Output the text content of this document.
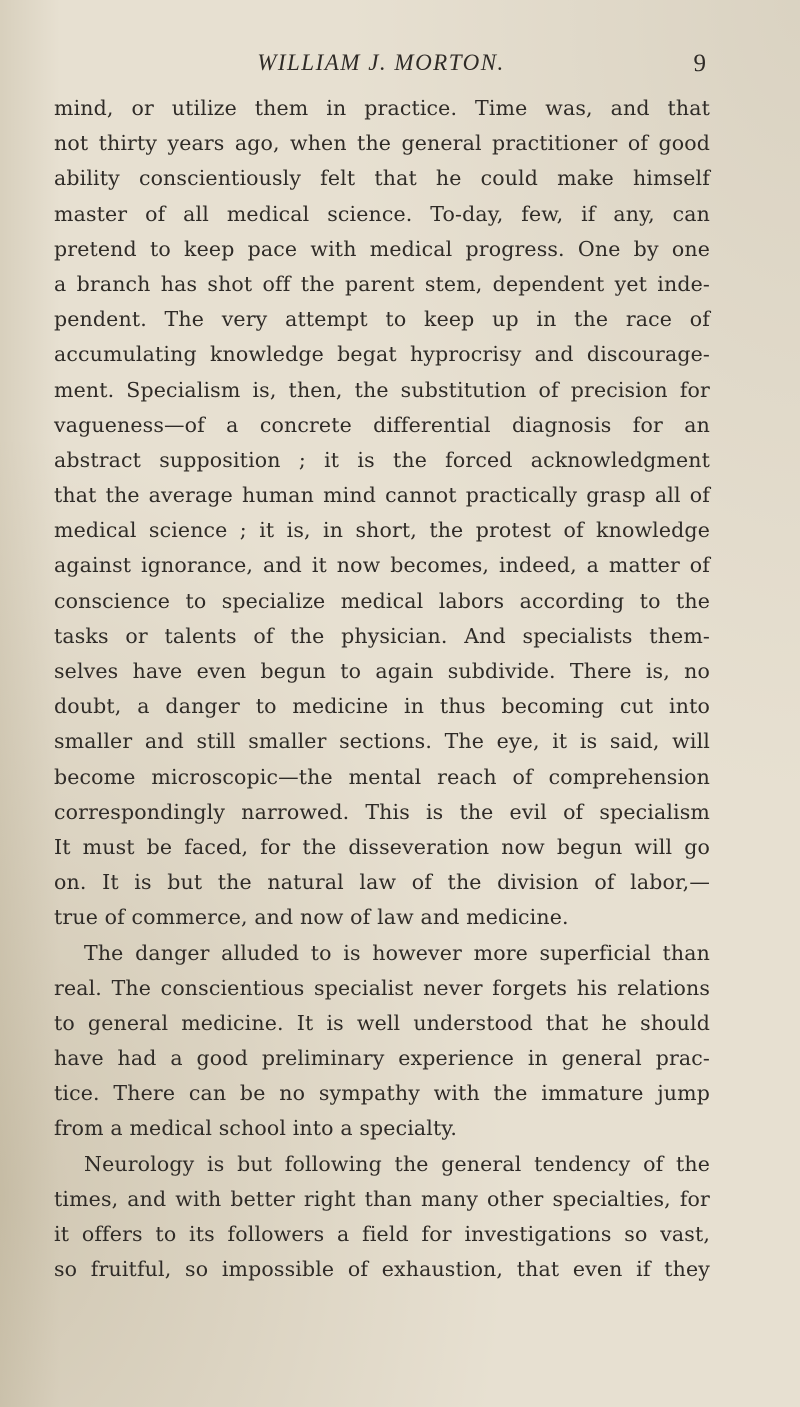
WILLIAM J. MORTON.	9
mind, or utilize them in practice. Time was, and that
not thirty years ago, when the general practitioner of good
ability conscientiously felt that he could make himself
master of all medical science. To-day, few, if any, can
pretend to keep pace with medical progress. One by one
a branch has shot off the parent stem, dependent yet inde-
pendent. The very attempt to keep up in the race of
accumulating knowledge begat hyprocrisy and discourage-
ment. Specialism is, then, the substitution of precision for
vagueness—of a concrete differential diagnosis for an
abstract supposition ; it is the forced acknowledgment
that the average human mind cannot practically grasp all of
medical science ; it is, in short, the protest of knowledge
against ignorance, and it now becomes, indeed, a matter of
conscience to specialize medical labors according to the
tasks or talents of the physician. And specialists them-
selves have even begun to again subdivide. There is, no
doubt, a danger to medicine in thus becoming cut into
smaller and still smaller sections. The eye, it is said, will
become microscopic—the mental reach of comprehension
correspondingly narrowed. This is the evil of specialism
It must be faced, for the disseveration now begun will go
on. It is but the natural law of the division of labor,—
true of commerce, and now of law and medicine.
The danger alluded to is however more superficial than
real. The conscientious specialist never forgets his relations
to general medicine. It is well understood that he should
have had a good preliminary experience in general prac-
tice. There can be no sympathy with the immature jump
from a medical school into a specialty.
Neurology is but following the general tendency of the
times, and with better right than many other specialties, for
it offers to its followers a field for investigations so vast,
so fruitful, so impossible of exhaustion, that even if they
